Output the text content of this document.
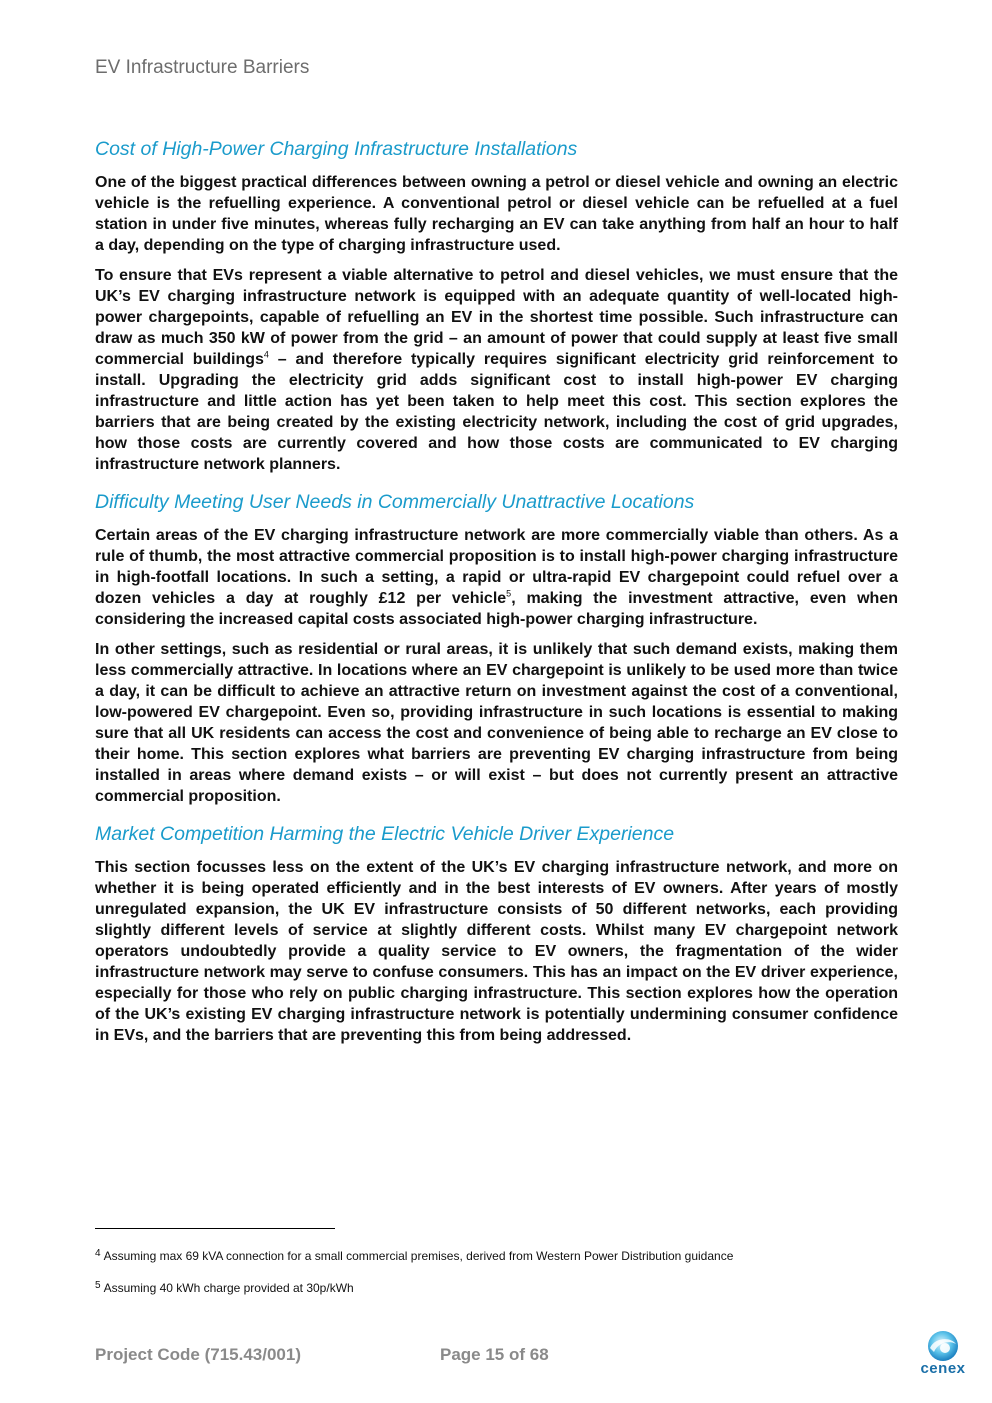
EV Infrastructure Barriers
Cost of High-Power Charging Infrastructure Installations

One of the biggest practical differences between owning a petrol or diesel vehicle and owning an electric vehicle is the refuelling experience. A conventional petrol or diesel vehicle can be refuelled at a fuel station in under five minutes, whereas fully recharging an EV can take anything from half an hour to half a day, depending on the type of charging infrastructure used.

To ensure that EVs represent a viable alternative to petrol and diesel vehicles, we must ensure that the UK’s EV charging infrastructure network is equipped with an adequate quantity of well-located high-power chargepoints, capable of refuelling an EV in the shortest time possible. Such infrastructure can draw as much 350 kW of power from the grid – an amount of power that could supply at least five small commercial buildings$^4$ – and therefore typically requires significant electricity grid reinforcement to install. Upgrading the electricity grid adds significant cost to install high-power EV charging infrastructure and little action has yet been taken to help meet this cost. This section explores the barriers that are being created by the existing electricity network, including the cost of grid upgrades, how those costs are currently covered and how those costs are communicated to EV charging infrastructure network planners.

Difficulty Meeting User Needs in Commercially Unattractive Locations

Certain areas of the EV charging infrastructure network are more commercially viable than others. As a rule of thumb, the most attractive commercial proposition is to install high-power charging infrastructure in high-footfall locations. In such a setting, a rapid or ultra-rapid EV chargepoint could refuel over a dozen vehicles a day at roughly £12 per vehicle$^5$, making the investment attractive, even when considering the increased capital costs associated high-power charging infrastructure.

In other settings, such as residential or rural areas, it is unlikely that such demand exists, making them less commercially attractive. In locations where an EV chargepoint is unlikely to be used more than twice a day, it can be difficult to achieve an attractive return on investment against the cost of a conventional, low-powered EV chargepoint. Even so, providing infrastructure in such locations is essential to making sure that all UK residents can access the cost and convenience of being able to recharge an EV close to their home. This section explores what barriers are preventing EV charging infrastructure from being installed in areas where demand exists – or will exist – but does not currently present an attractive commercial proposition.

Market Competition Harming the Electric Vehicle Driver Experience

This section focusses less on the extent of the UK’s EV charging infrastructure network, and more on whether it is being operated efficiently and in the best interests of EV owners. After years of mostly unregulated expansion, the UK EV infrastructure consists of 50 different networks, each providing slightly different levels of service at slightly different costs. Whilst many EV chargepoint network operators undoubtedly provide a quality service to EV owners, the fragmentation of the wider infrastructure network may serve to confuse consumers. This has an impact on the EV driver experience, especially for those who rely on public charging infrastructure. This section explores how the operation of the UK’s existing EV charging infrastructure network is potentially undermining consumer confidence in EVs, and the barriers that are preventing this from being addressed.

$^4$ Assuming max 69 kVA connection for a small commercial premises, derived from Western Power Distribution guidance
$^5$ Assuming 40 kWh charge provided at 30p/kWh
Project Code (715.43/001)	Page 15 of 68
cenex
